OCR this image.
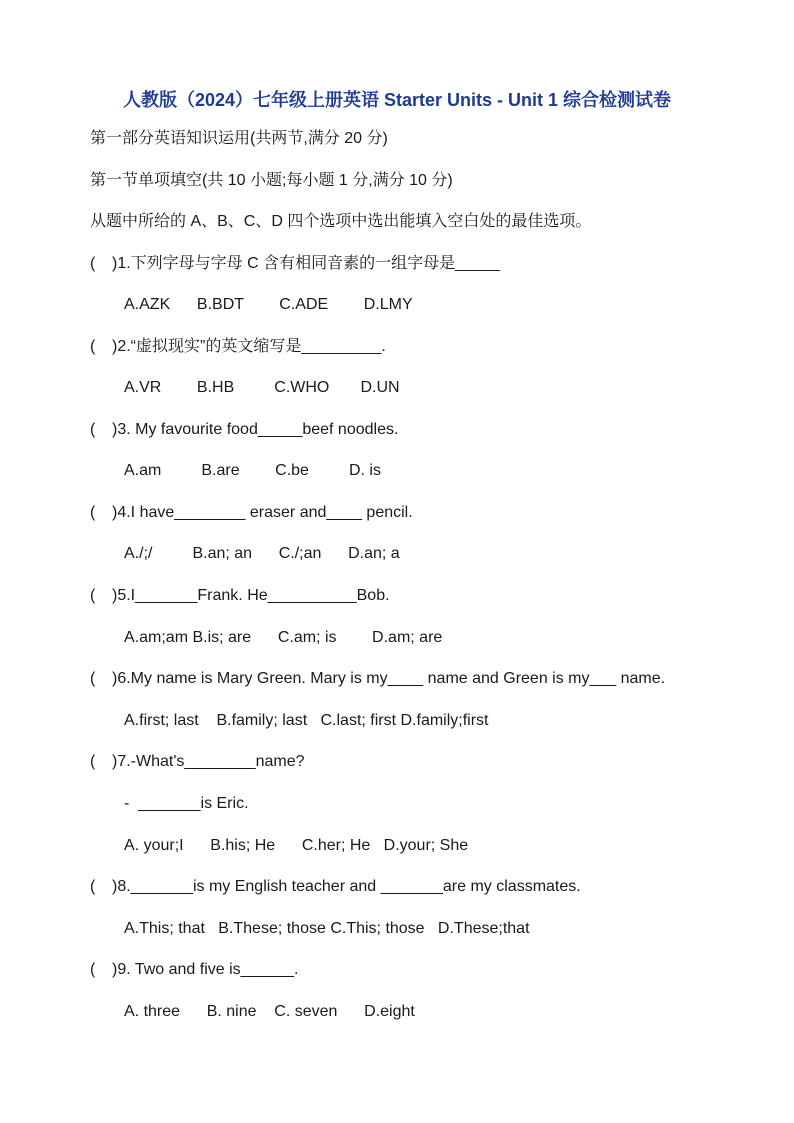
人教版（2024）七年级上册英语 Starter Units - Unit 1 综合检测试卷
第一部分英语知识运用(共两节,满分 20 分)
第一节单项填空(共 10 小题;每小题 1 分,满分 10 分)
从题中所给的 A、B、C、D 四个选项中选出能填入空白处的最佳选项。
( )1.下列字母与字母 C 含有相同音素的一组字母是_____
A.AZK      B.BDT        C.ADE        D.LMY
( )2.“虚拟现实”的英文缩写是_________.
A.VR        B.HB         C.WHO       D.UN
( )3. My favourite food_____beef noodles.
A.am         B.are        C.be         D. is
( )4.I have________ eraser and____ pencil.
A./;/         B.an; an      C./;an      D.an; a
( )5.I_______Frank. He__________Bob.
A.am;am B.is; are      C.am; is        D.am; are
( )6.My name is Mary Green. Mary is my____ name and Green is my___ name.
A.first; last    B.family; last   C.last; first D.family;first
( )7.-What's________name?
-  _______is Eric.
A. your;I      B.his; He      C.her; He   D.your; She
( )8._______is my English teacher and _______are my classmates.
A.This; that   B.These; those C.This; those   D.These;that
( )9. Two and five is______.
A. three      B. nine    C. seven      D.eight
